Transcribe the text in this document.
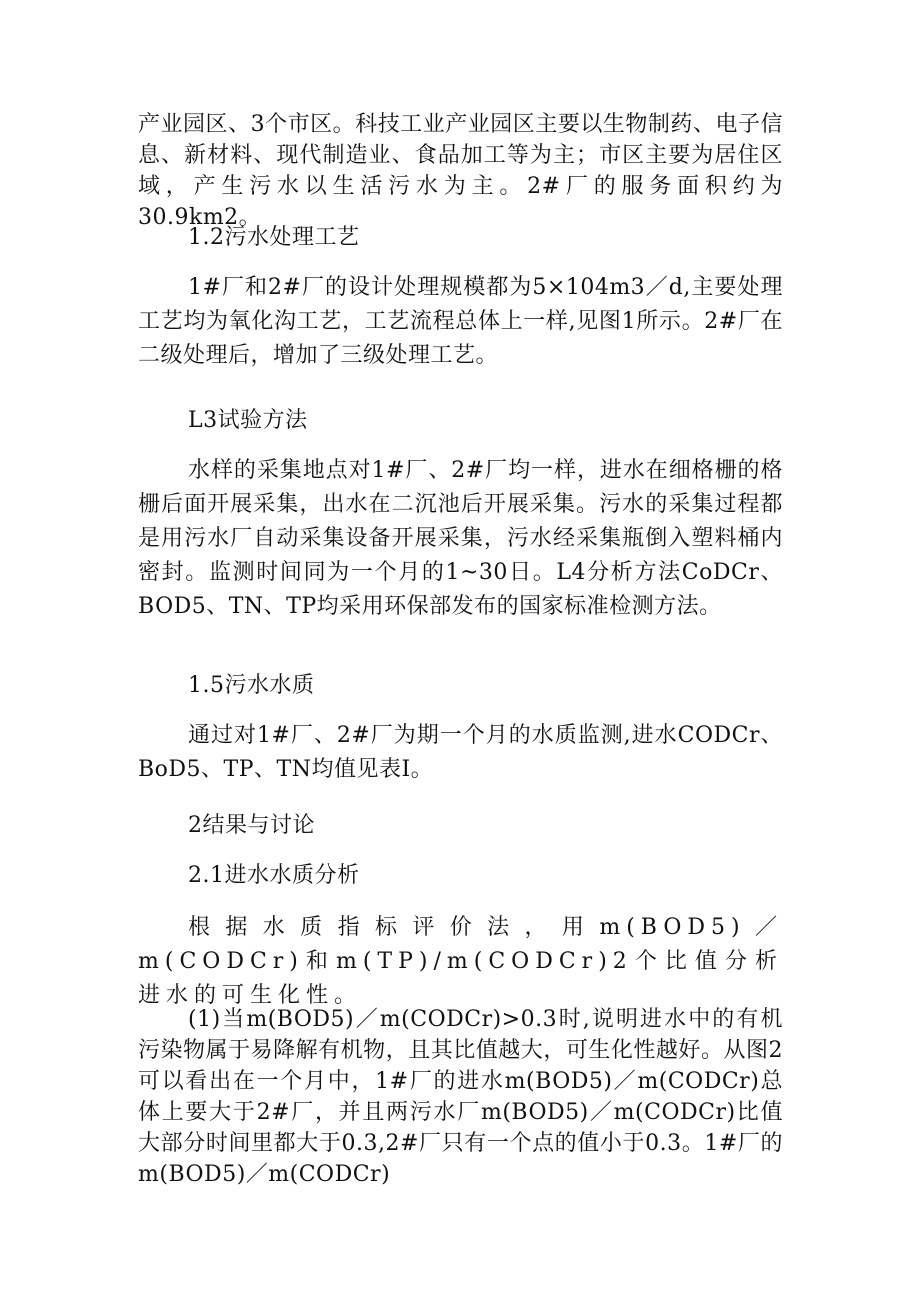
产业园区、3个市区。科技工业产业园区主要以生物制药、电子信息、新材料、现代制造业、食品加工等为主；市区主要为居住区域，产生污水以生活污水为主。2#厂的服务面积约为30.9km2。

1.2污水处理工艺

1#厂和2#厂的设计处理规模都为5×104m3／d,主要处理工艺均为氧化沟工艺，工艺流程总体上一样,见图1所示。2#厂在二级处理后，增加了三级处理工艺。

L3试验方法

水样的采集地点对1#厂、2#厂均一样，进水在细格栅的格栅后面开展采集，出水在二沉池后开展采集。污水的采集过程都是用污水厂自动采集设备开展采集，污水经采集瓶倒入塑料桶内密封。监测时间同为一个月的1~30日。L4分析方法CoDCr、BOD5、TN、TP均采用环保部发布的国家标准检测方法。

1.5污水水质

通过对1#厂、2#厂为期一个月的水质监测,进水CODCr、BoD5、TP、TN均值见表I。

2结果与讨论

2.1进水水质分析

根据水质指标评价法，用m(BOD5)／m(CODCr)和m(TP)/m(CODCr)2个比值分析进水的可生化性。

(1)当m(BOD5)／m(CODCr)>0.3时,说明进水中的有机污染物属于易降解有机物，且其比值越大，可生化性越好。从图2可以看出在一个月中，1#厂的进水m(BOD5)／m(CODCr)总体上要大于2#厂，并且两污水厂m(BOD5)／m(CODCr)比值大部分时间里都大于0.3,2#厂只有一个点的值小于0.3。1#厂的m(BOD5)／m(CODCr)
